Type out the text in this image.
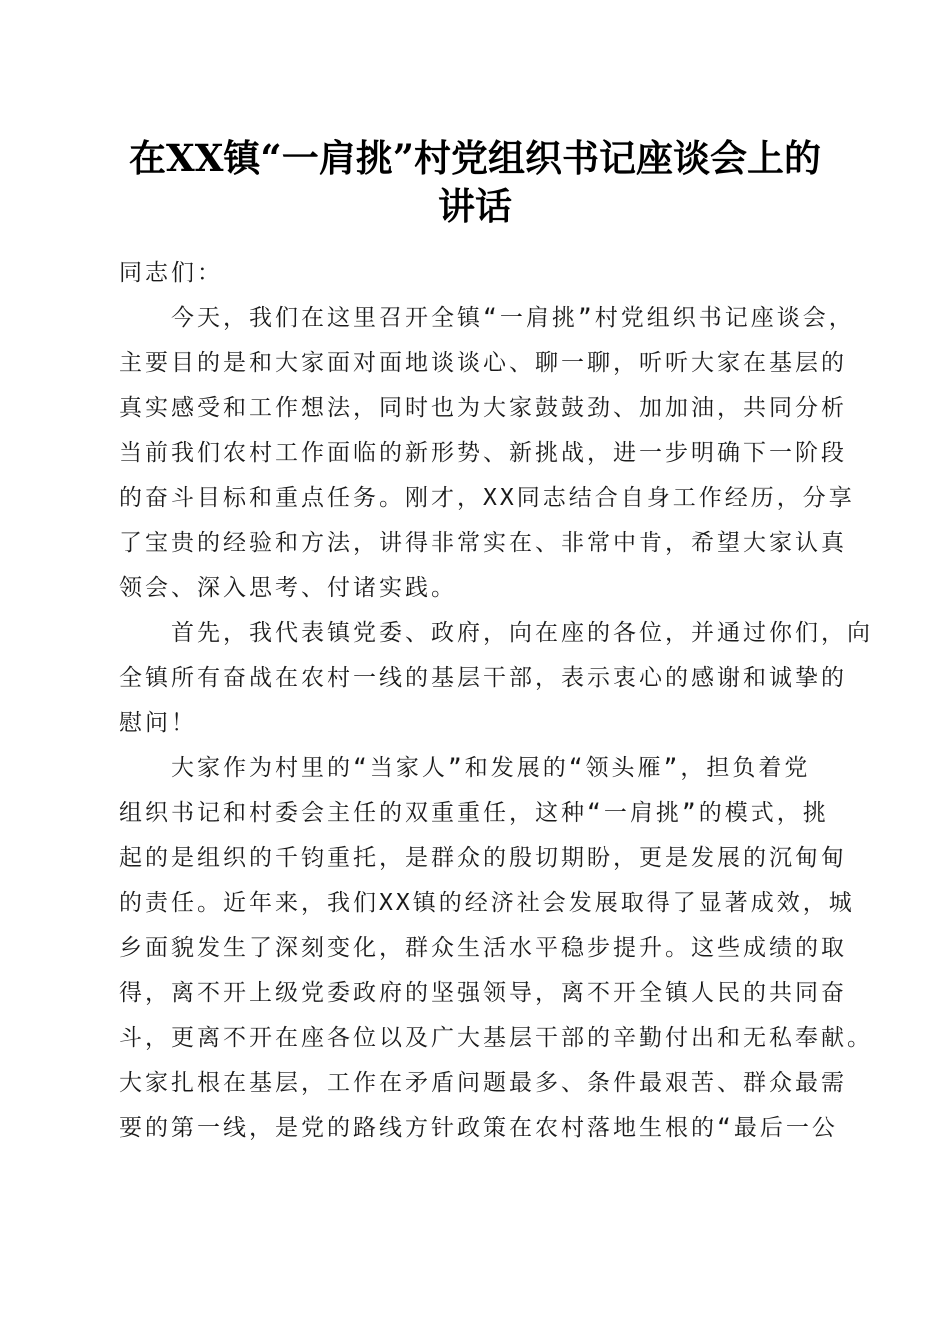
在XX镇“一肩挑”村党组织书记座谈会上的
讲话
同志们：
今天，我们在这里召开全镇“一肩挑”村党组织书记座谈会，
主要目的是和大家面对面地谈谈心、聊一聊，听听大家在基层的
真实感受和工作想法，同时也为大家鼓鼓劲、加加油，共同分析
当前我们农村工作面临的新形势、新挑战，进一步明确下一阶段
的奋斗目标和重点任务。刚才，XX同志结合自身工作经历，分享
了宝贵的经验和方法，讲得非常实在、非常中肯，希望大家认真
领会、深入思考、付诸实践。
首先，我代表镇党委、政府，向在座的各位，并通过你们，向
全镇所有奋战在农村一线的基层干部，表示衷心的感谢和诚挚的
慰问！
大家作为村里的“当家人”和发展的“领头雁”，担负着党
组织书记和村委会主任的双重重任，这种“一肩挑”的模式，挑
起的是组织的千钧重托，是群众的殷切期盼，更是发展的沉甸甸
的责任。近年来，我们XX镇的经济社会发展取得了显著成效，城
乡面貌发生了深刻变化，群众生活水平稳步提升。这些成绩的取
得，离不开上级党委政府的坚强领导，离不开全镇人民的共同奋
斗，更离不开在座各位以及广大基层干部的辛勤付出和无私奉献。
大家扎根在基层，工作在矛盾问题最多、条件最艰苦、群众最需
要的第一线，是党的路线方针政策在农村落地生根的“最后一公
